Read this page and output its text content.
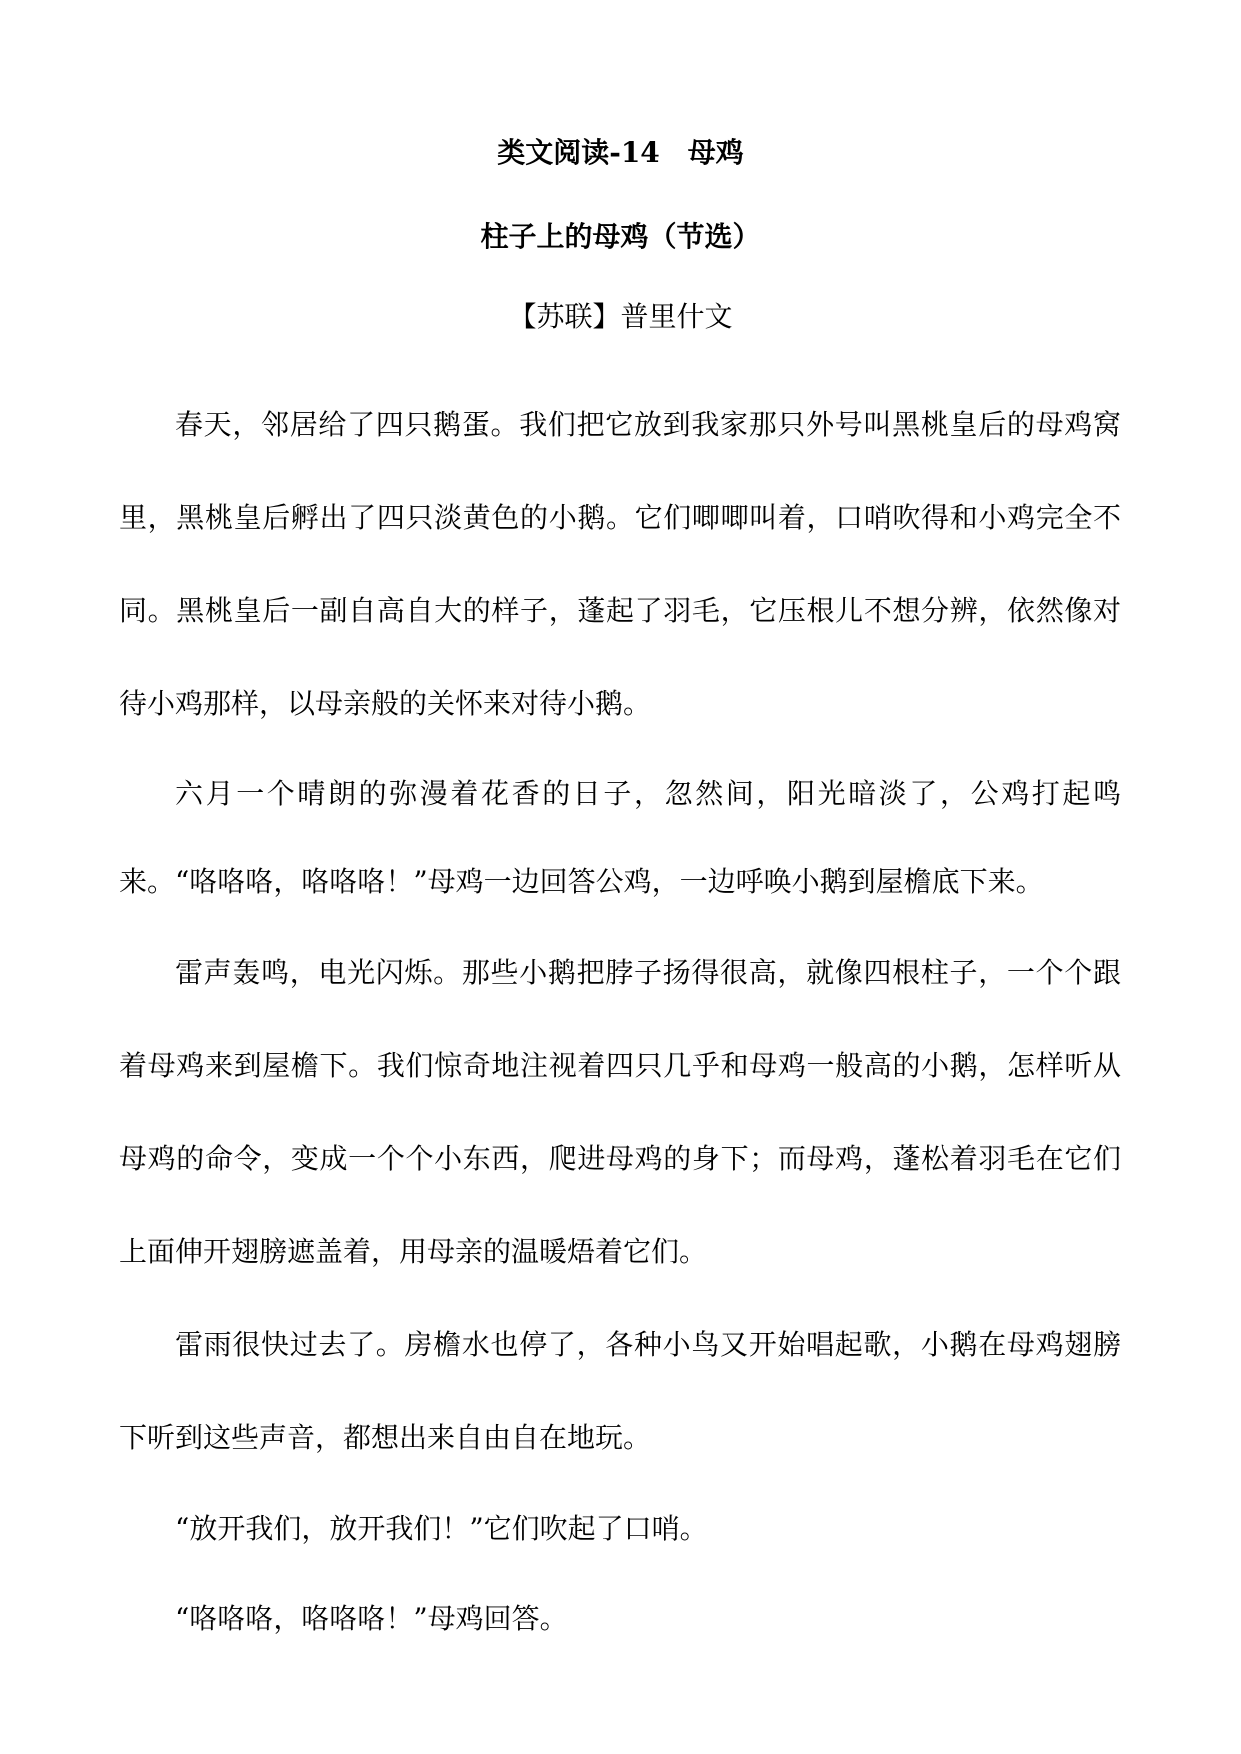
类文阅读-14　母鸡
柱子上的母鸡（节选）
【苏联】普里什文

春天，邻居给了四只鹅蛋。我们把它放到我家那只外号叫黑桃皇后的母鸡窝里，黑桃皇后孵出了四只淡黄色的小鹅。它们唧唧叫着，口哨吹得和小鸡完全不同。黑桃皇后一副自高自大的样子，蓬起了羽毛，它压根儿不想分辨，依然像对待小鸡那样，以母亲般的关怀来对待小鹅。

六月一个晴朗的弥漫着花香的日子，忽然间，阳光暗淡了，公鸡打起鸣来。“咯咯咯，咯咯咯！”母鸡一边回答公鸡，一边呼唤小鹅到屋檐底下来。

雷声轰鸣，电光闪烁。那些小鹅把脖子扬得很高，就像四根柱子，一个个跟着母鸡来到屋檐下。我们惊奇地注视着四只几乎和母鸡一般高的小鹅，怎样听从母鸡的命令，变成一个个小东西，爬进母鸡的身下；而母鸡，蓬松着羽毛在它们上面伸开翅膀遮盖着，用母亲的温暖焐着它们。

雷雨很快过去了。房檐水也停了，各种小鸟又开始唱起歌，小鹅在母鸡翅膀下听到这些声音，都想出来自由自在地玩。

“放开我们，放开我们！”它们吹起了口哨。

“咯咯咯，咯咯咯！”母鸡回答。
